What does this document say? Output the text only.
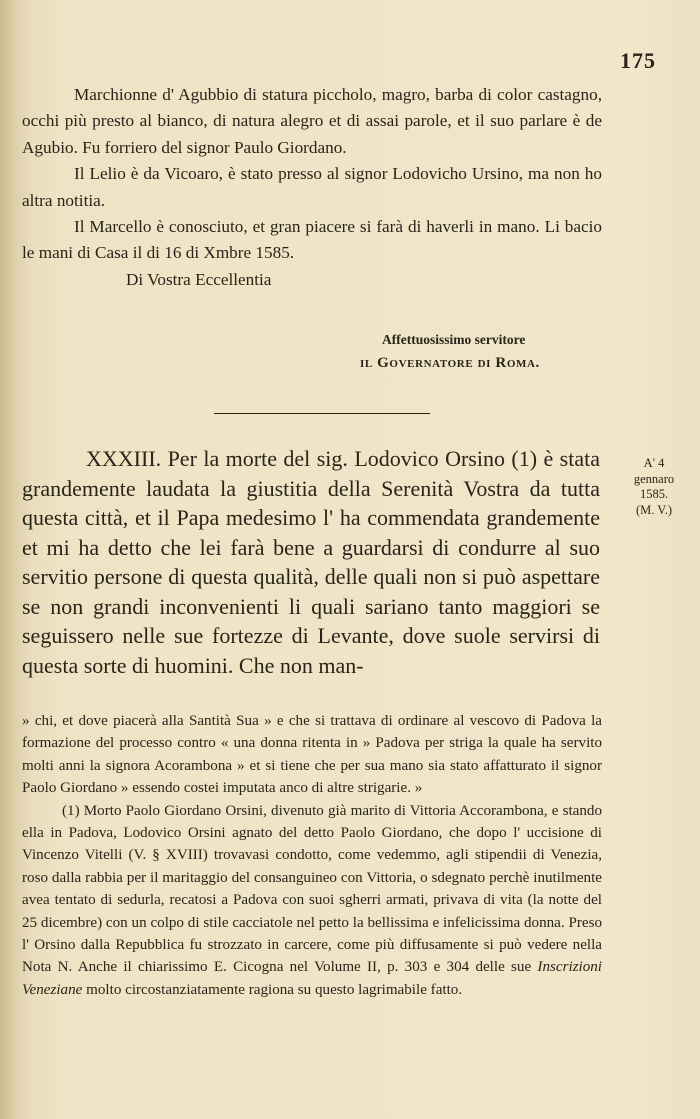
175

Marchionne d' Agubbio di statura piccholо, magro, barba di color castagno, occhi più presto al bianco, di natura alegro et di assai parole, et il suo parlare è de Agubio. Fu forriero del signor Paulo Giordano.

Il Lelio è da Vicoaro, è stato presso al signor Lodovicho Ursino, ma non ho altra notitia.

Il Marcello è conosciuto, et gran piacere si farà di haverli in mano. Li bacio le mani di Casa il di 16 di Xmbre 1585.

Di Vostra Eccellentia

Affettuosissimo servitore
il Governatore di Roma.

XXXIII. Per la morte del sig. Lodovico Orsino (1) è stata grandemente laudata la giustitia della Serenità Vostra da tutta questa città, et il Papa medesimo l' ha commendata grandemente et mi ha detto che lei farà bene a guardarsi di condurre al suo servitio persone di questa qualità, delle quali non si può aspettare se non grandi inconvenienti li quali sariano tanto maggiori se seguissero nelle sue fortezze di Levante, dove suole servirsi di questa sorte di huomini. Che non man-

A' 4
gennaro
1585.
(M. V.)

» chi, et dove piacerà alla Santità Sua » e che si trattava di ordinare al vescovo di Padova la formazione del processo contro « una donna ritenta in » Padova per striga la quale ha servito molti anni la signora Acorambona » et si tiene che per sua mano sia stato affatturato il signor Paolo Giordano » essendo costei imputata anco di altre strigarie. »

(1) Morto Paolo Giordano Orsini, divenuto già marito di Vittoria Accorambona, e stando ella in Padova, Lodovico Orsini agnato del detto Paolo Giordano, che dopo l' uccisione di Vincenzo Vitelli (V. § XVIII) trovavasi condotto, come vedemmo, agli stipendii di Venezia, roso dalla rabbia per il maritaggio del consanguineo con Vittoria, o sdegnato perchè inutilmente avea tentato di sedurla, recatosi a Padova con suoi sgherri armati, privava di vita (la notte del 25 dicembre) con un colpo di stile cacciatole nel petto la bellissima e infelicissima donna. Preso l' Orsino dalla Repubblica fu strozzato in carcere, come più diffusamente si può vedere nella Nota N. Anche il chiarissimo E. Cicogna nel Volume II, p. 303 e 304 delle sue Inscrizioni Veneziane molto circostanziatamente ragiona su questo lagrimabile fatto.
